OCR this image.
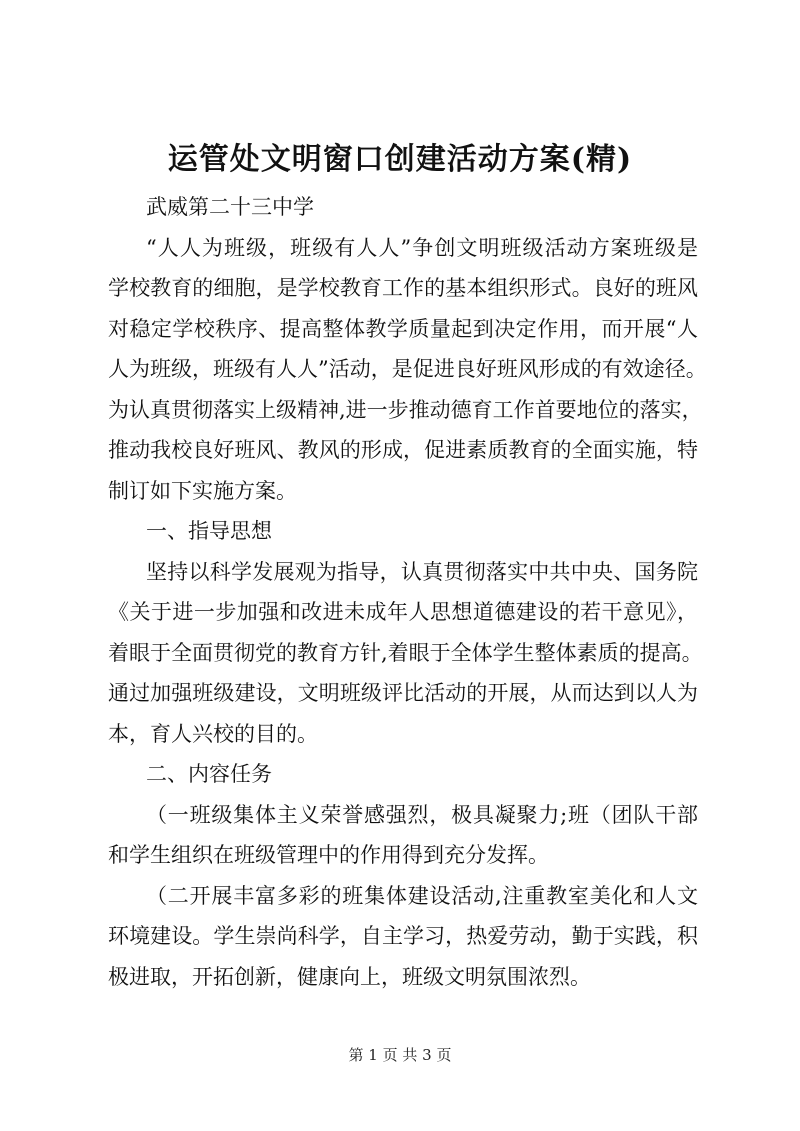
运管处文明窗口创建活动方案(精)
武威第二十三中学
“人人为班级，班级有人人”争创文明班级活动方案班级是
学校教育的细胞，是学校教育工作的基本组织形式。良好的班风
对稳定学校秩序、提高整体教学质量起到决定作用，而开展“人
人为班级，班级有人人”活动，是促进良好班风形成的有效途径。
为认真贯彻落实上级精神,进一步推动德育工作首要地位的落实，
推动我校良好班风、教风的形成，促进素质教育的全面实施，特
制订如下实施方案。
一、指导思想
坚持以科学发展观为指导，认真贯彻落实中共中央、国务院
《关于进一步加强和改进未成年人思想道德建设的若干意见》，
着眼于全面贯彻党的教育方针,着眼于全体学生整体素质的提高。
通过加强班级建设，文明班级评比活动的开展，从而达到以人为
本，育人兴校的目的。
二、内容任务
（一班级集体主义荣誉感强烈，极具凝聚力;班（团队干部
和学生组织在班级管理中的作用得到充分发挥。
（二开展丰富多彩的班集体建设活动,注重教室美化和人文
环境建设。学生崇尚科学，自主学习，热爱劳动，勤于实践，积
极进取，开拓创新，健康向上，班级文明氛围浓烈。
第 1 页 共 3 页
